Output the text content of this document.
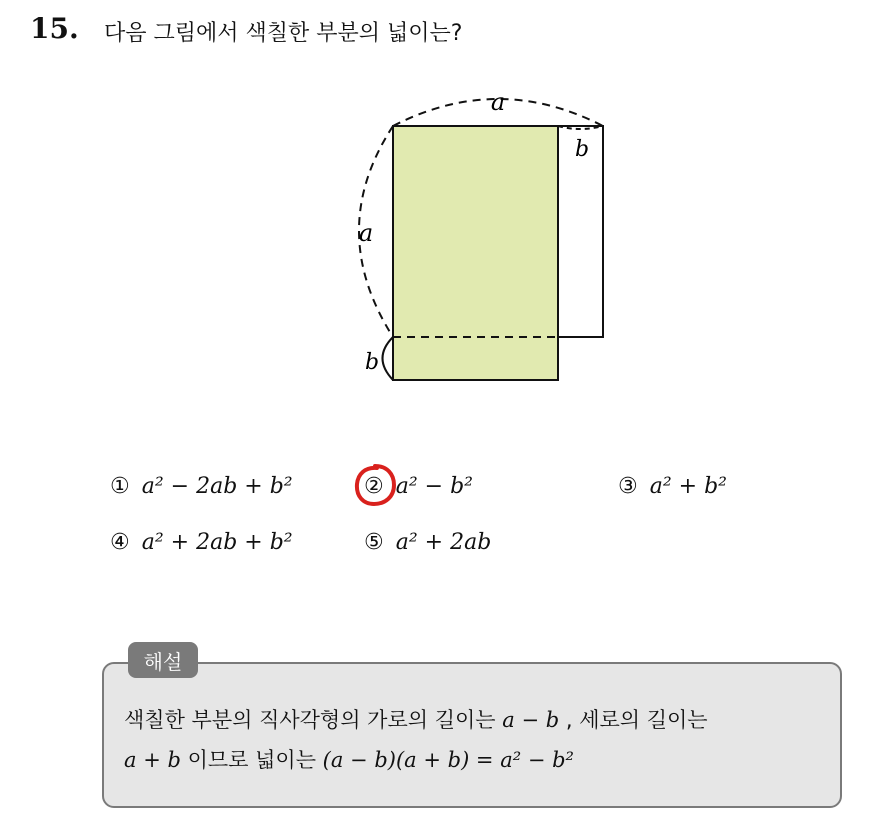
15. 다음 그림에서 색칠한 부분의 넓이는?
a
a
b
b
① a² − 2ab + b²	② a² − b²	③ a² + b²
④ a² + 2ab + b²	⑤ a² + 2ab
해설
색칠한 부분의 직사각형의 가로의 길이는 a − b , 세로의 길이는
a + b 이므로 넓이는 (a − b)(a + b) = a² − b²
